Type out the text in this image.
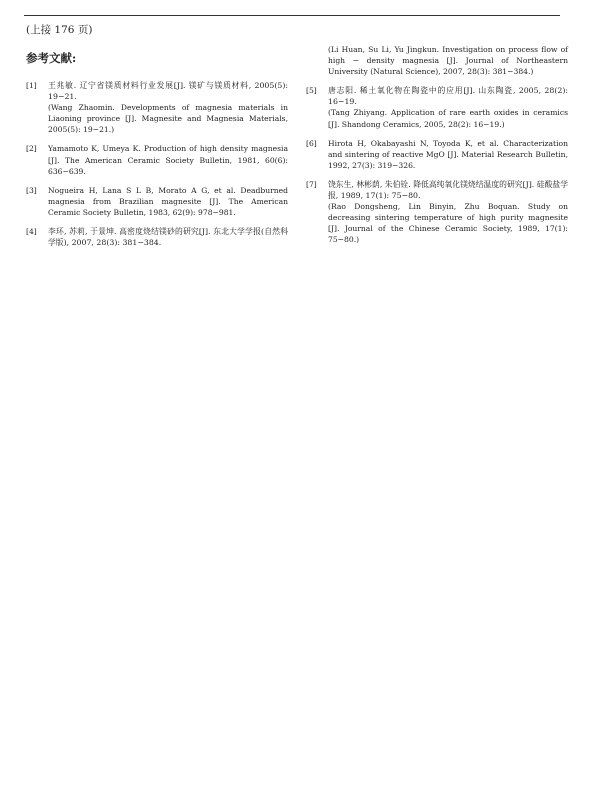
(上接 176 页)
参考文献:
[1] 王兆敏. 辽宁省镁质材料行业发展[J]. 镁矿与镁质材料, 2005(5): 19−21.
(Wang Zhaomin. Developments of magnesia materials in Liaoning province [J]. Magnesite and Magnesia Materials, 2005(5): 19−21.)
[2] Yamamoto K, Umeya K. Production of high density magnesia [J]. The American Ceramic Society Bulletin, 1981, 60(6): 636−639.
[3] Nogueira H, Lana S L B, Morato A G, et al. Deadburned magnesia from Brazilian magnesite [J]. The American Ceramic Society Bulletin, 1983, 62(9): 978−981.
[4] 李环, 苏莉, 于景坤. 高密度烧结镁砂的研究[J]. 东北大学学报(自然科学版), 2007, 28(3): 381−384.
(Li Huan, Su Li, Yu Jingkun. Investigation on process flow of high − density magnesia [J]. Journal of Northeastern University (Natural Science), 2007, 28(3): 381−384.)
[5] 唐志阳. 稀土氧化物在陶瓷中的应用[J]. 山东陶瓷, 2005, 28(2): 16−19.
(Tang Zhiyang. Application of rare earth oxides in ceramics [J]. Shandong Ceramics, 2005, 28(2): 16−19.)
[6] Hirota H, Okabayashi N, Toyoda K, et al. Characterization and sintering of reactive MgO [J]. Material Research Bulletin, 1992, 27(3): 319−326.
[7] 饶东生, 林彬荫, 朱伯铨. 降低高纯氧化镁烧结温度的研究[J]. 硅酸盐学报, 1989, 17(1): 75−80.
(Rao Dongsheng, Lin Binyin, Zhu Boquan. Study on decreasing sintering temperature of high purity magnesite [J]. Journal of the Chinese Ceramic Society, 1989, 17(1): 75−80.)
